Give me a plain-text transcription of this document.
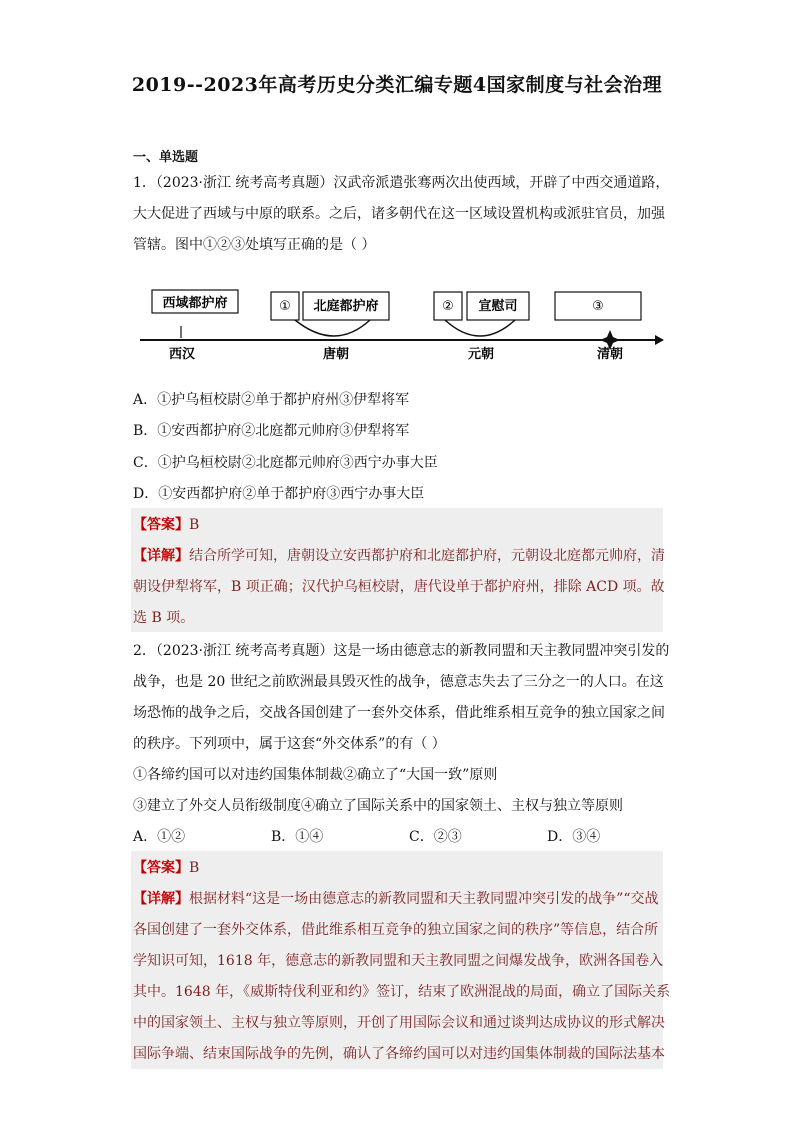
2019--2023年高考历史分类汇编专题4国家制度与社会治理
一、单选题
1．（2023·浙江 统考高考真题）汉武帝派遣张骞两次出使西域，开辟了中西交通道路，
大大促进了西域与中原的联系。之后，诸多朝代在这一区域设置机构或派驻官员，加强
管辖。图中①②③处填写正确的是（ ）
西域都护府	① 北庭都护府	② 宣慰司	③
西汉	唐朝	元朝	清朝
A．①护乌桓校尉②单于都护府州③伊犁将军
B．①安西都护府②北庭都元帅府③伊犁将军
C．①护乌桓校尉②北庭都元帅府③西宁办事大臣
D．①安西都护府②单于都护府③西宁办事大臣
【答案】B
【详解】结合所学可知，唐朝设立安西都护府和北庭都护府，元朝设北庭都元帅府，清
朝设伊犁将军，B 项正确；汉代护乌桓校尉，唐代设单于都护府州，排除 ACD 项。故
选 B 项。
2．（2023·浙江 统考高考真题）这是一场由德意志的新教同盟和天主教同盟冲突引发的
战争，也是 20 世纪之前欧洲最具毁灭性的战争，德意志失去了三分之一的人口。在这
场恐怖的战争之后，交战各国创建了一套外交体系，借此维系相互竞争的独立国家之间
的秩序。下列项中，属于这套“外交体系”的有（ ）
①各缔约国可以对违约国集体制裁②确立了“大国一致”原则
③建立了外交人员衔级制度④确立了国际关系中的国家领土、主权与独立等原则
A．①②	B．①④	C．②③	D．③④
【答案】B
【详解】根据材料“这是一场由德意志的新教同盟和天主教同盟冲突引发的战争”“交战
各国创建了一套外交体系，借此维系相互竞争的独立国家之间的秩序”等信息，结合所
学知识可知，1618 年，德意志的新教同盟和天主教同盟之间爆发战争，欧洲各国卷入
其中。1648 年，《威斯特伐利亚和约》签订，结束了欧洲混战的局面，确立了国际关系
中的国家领土、主权与独立等原则，开创了用国际会议和通过谈判达成协议的形式解决
国际争端、结束国际战争的先例，确认了各缔约国可以对违约国集体制裁的国际法基本
